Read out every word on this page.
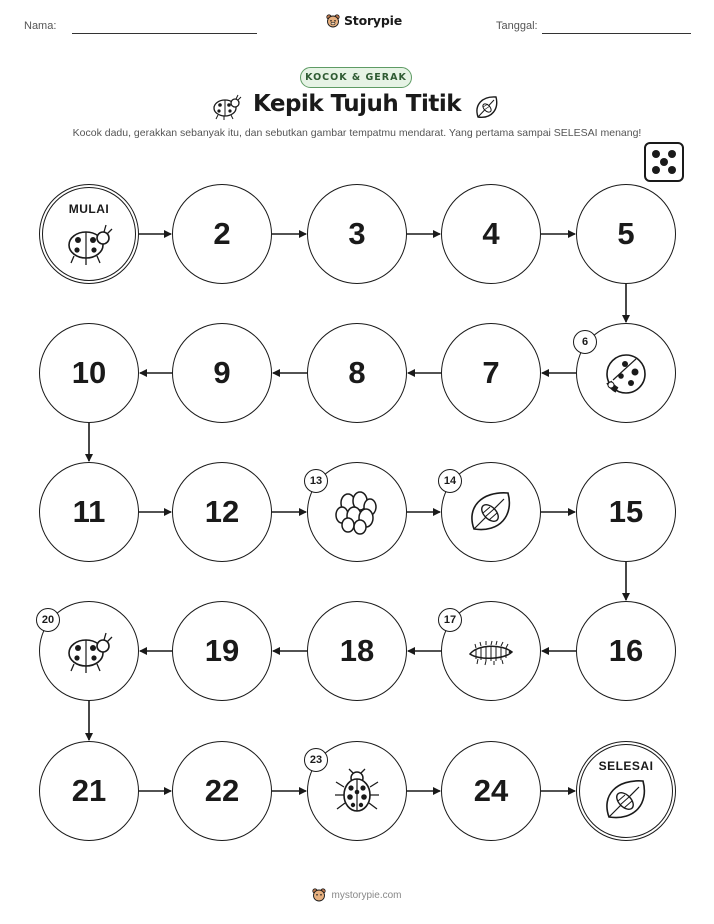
Nama:	Storypie	Tanggal:
KOCOK & GERAK
Kepik Tujuh Titik
Kocok dadu, gerakkan sebanyak itu, dan sebutkan gambar tempatmu mendarat. Yang pertama sampai SELESAI menang!
MULAI
2	3	4	5
6
7
8
9
10
11	12
13	14
15
16
17
18
19
20
21	22
23
24
SELESAI
mystorypie.com
